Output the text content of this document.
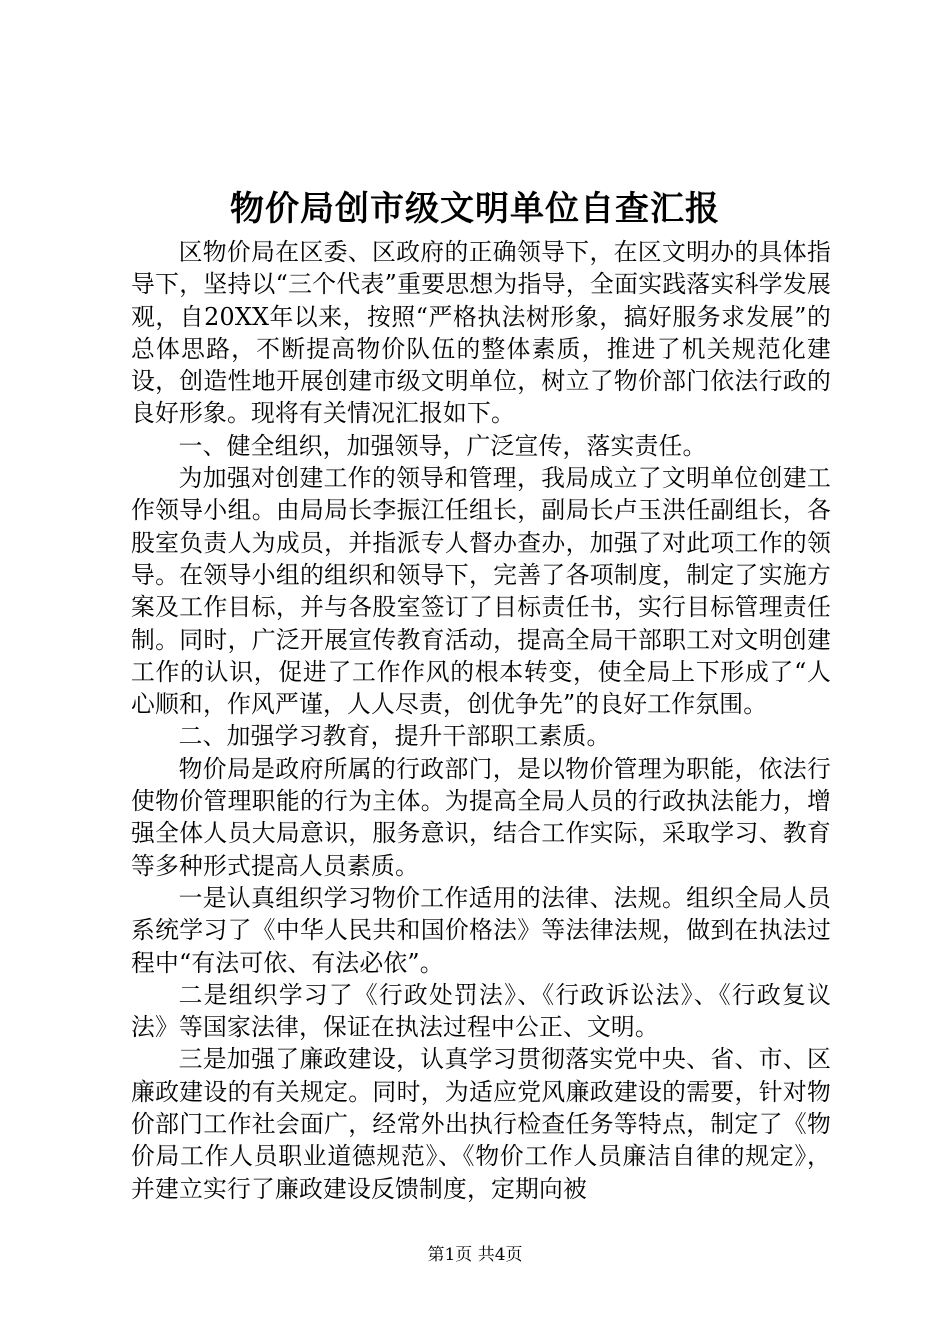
物价局创市级文明单位自查汇报

区物价局在区委、区政府的正确领导下，在区文明办的具体指导下，坚持以“三个代表”重要思想为指导，全面实践落实科学发展观，自20XX年以来，按照“严格执法树形象，搞好服务求发展”的总体思路，不断提高物价队伍的整体素质，推进了机关规范化建设，创造性地开展创建市级文明单位，树立了物价部门依法行政的良好形象。现将有关情况汇报如下。

一、健全组织，加强领导，广泛宣传，落实责任。

为加强对创建工作的领导和管理，我局成立了文明单位创建工作领导小组。由局局长李振江任组长，副局长卢玉洪任副组长，各股室负责人为成员，并指派专人督办查办，加强了对此项工作的领导。在领导小组的组织和领导下，完善了各项制度，制定了实施方案及工作目标，并与各股室签订了目标责任书，实行目标管理责任制。同时，广泛开展宣传教育活动，提高全局干部职工对文明创建工作的认识，促进了工作作风的根本转变，使全局上下形成了“人心顺和，作风严谨，人人尽责，创优争先”的良好工作氛围。

二、加强学习教育，提升干部职工素质。

物价局是政府所属的行政部门，是以物价管理为职能，依法行使物价管理职能的行为主体。为提高全局人员的行政执法能力，增强全体人员大局意识，服务意识，结合工作实际，采取学习、教育等多种形式提高人员素质。

一是认真组织学习物价工作适用的法律、法规。组织全局人员系统学习了《中华人民共和国价格法》等法律法规，做到在执法过程中“有法可依、有法必依”。

二是组织学习了《行政处罚法》、《行政诉讼法》、《行政复议法》等国家法律，保证在执法过程中公正、文明。

三是加强了廉政建设，认真学习贯彻落实党中央、省、市、区廉政建设的有关规定。同时，为适应党风廉政建设的需要，针对物价部门工作社会面广，经常外出执行检查任务等特点，制定了《物价局工作人员职业道德规范》、《物价工作人员廉洁自律的规定》，并建立实行了廉政建设反馈制度，定期向被

第1页 共4页
